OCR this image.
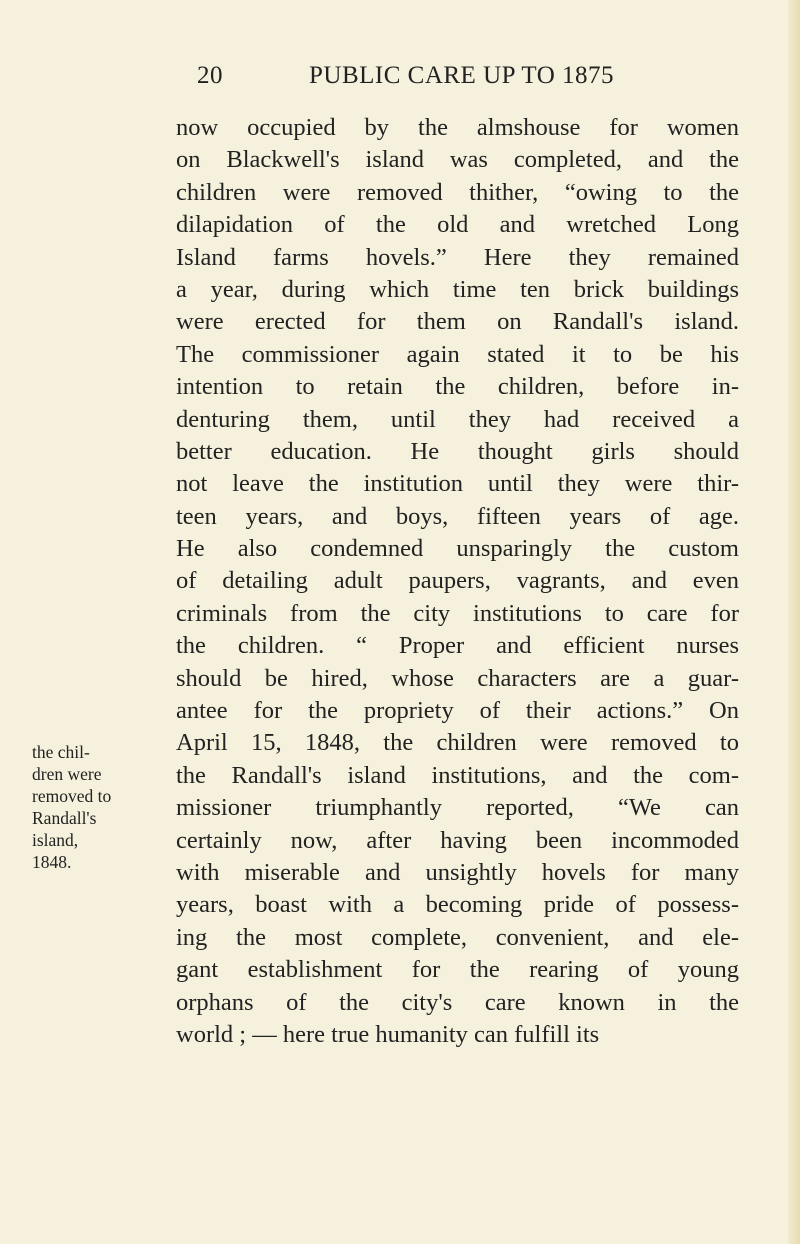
20	PUBLIC CARE UP TO 1875
the chil-
dren were
removed to
Randall's
island,
1848.
now occupied by the almshouse for women
on Blackwell's island was completed, and the
children were removed thither, “owing to the
dilapidation of the old and wretched Long
Island farms hovels.” Here they remained
a year, during which time ten brick buildings
were erected for them on Randall's island.
The commissioner again stated it to be his
intention to retain the children, before in-
denturing them, until they had received a
better education. He thought girls should
not leave the institution until they were thir-
teen years, and boys, fifteen years of age.
He also condemned unsparingly the custom
of detailing adult paupers, vagrants, and even
criminals from the city institutions to care for
the children. “ Proper and efficient nurses
should be hired, whose characters are a guar-
antee for the propriety of their actions.” On
April 15, 1848, the children were removed to
the Randall's island institutions, and the com-
missioner triumphantly reported, “We can
certainly now, after having been incommoded
with miserable and unsightly hovels for many
years, boast with a becoming pride of possess-
ing the most complete, convenient, and ele-
gant establishment for the rearing of young
orphans of the city's care known in the
world ; — here true humanity can fulfill its
